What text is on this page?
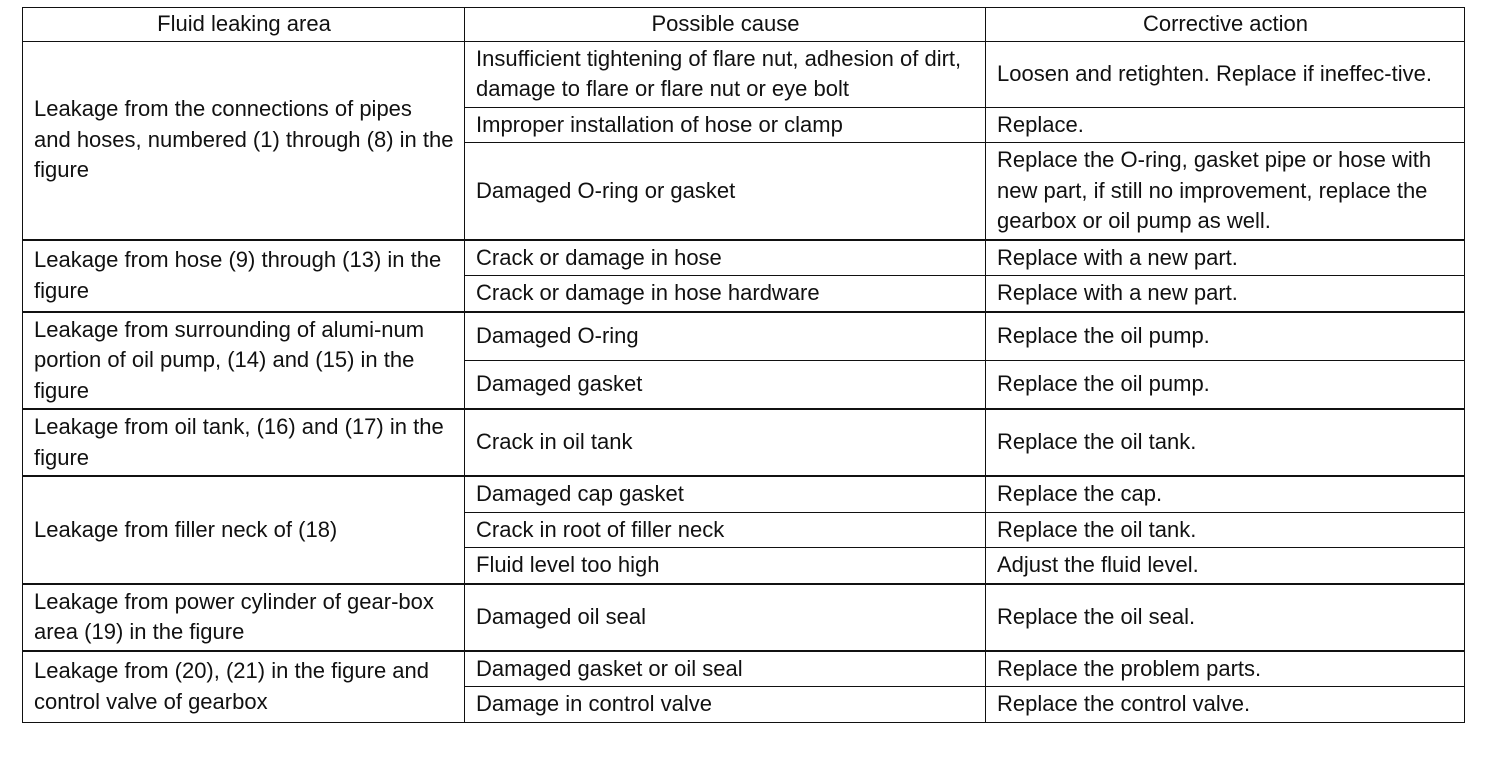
Fluid leaking area	Possible cause	Corrective action
Leakage from the connections of pipes and hoses, numbered (1) through (8) in the figure	Insufficient tightening of flare nut, adhesion of dirt, damage to flare or flare nut or eye bolt	Loosen and retighten. Replace if ineffec-tive.
	Improper installation of hose or clamp	Replace.
	Damaged O-ring or gasket	Replace the O-ring, gasket pipe or hose with new part, if still no improvement, replace the gearbox or oil pump as well.
Leakage from hose (9) through (13) in the figure	Crack or damage in hose	Replace with a new part.
	Crack or damage in hose hardware	Replace with a new part.
Leakage from surrounding of alumi-num portion of oil pump, (14) and (15) in the figure	Damaged O-ring	Replace the oil pump.
	Damaged gasket	Replace the oil pump.
Leakage from oil tank, (16) and (17) in the figure	Crack in oil tank	Replace the oil tank.
Leakage from filler neck of (18)	Damaged cap gasket	Replace the cap.
	Crack in root of filler neck	Replace the oil tank.
	Fluid level too high	Adjust the fluid level.
Leakage from power cylinder of gear-box area (19) in the figure	Damaged oil seal	Replace the oil seal.
Leakage from (20), (21) in the figure and control valve of gearbox	Damaged gasket or oil seal	Replace the problem parts.
	Damage in control valve	Replace the control valve.
